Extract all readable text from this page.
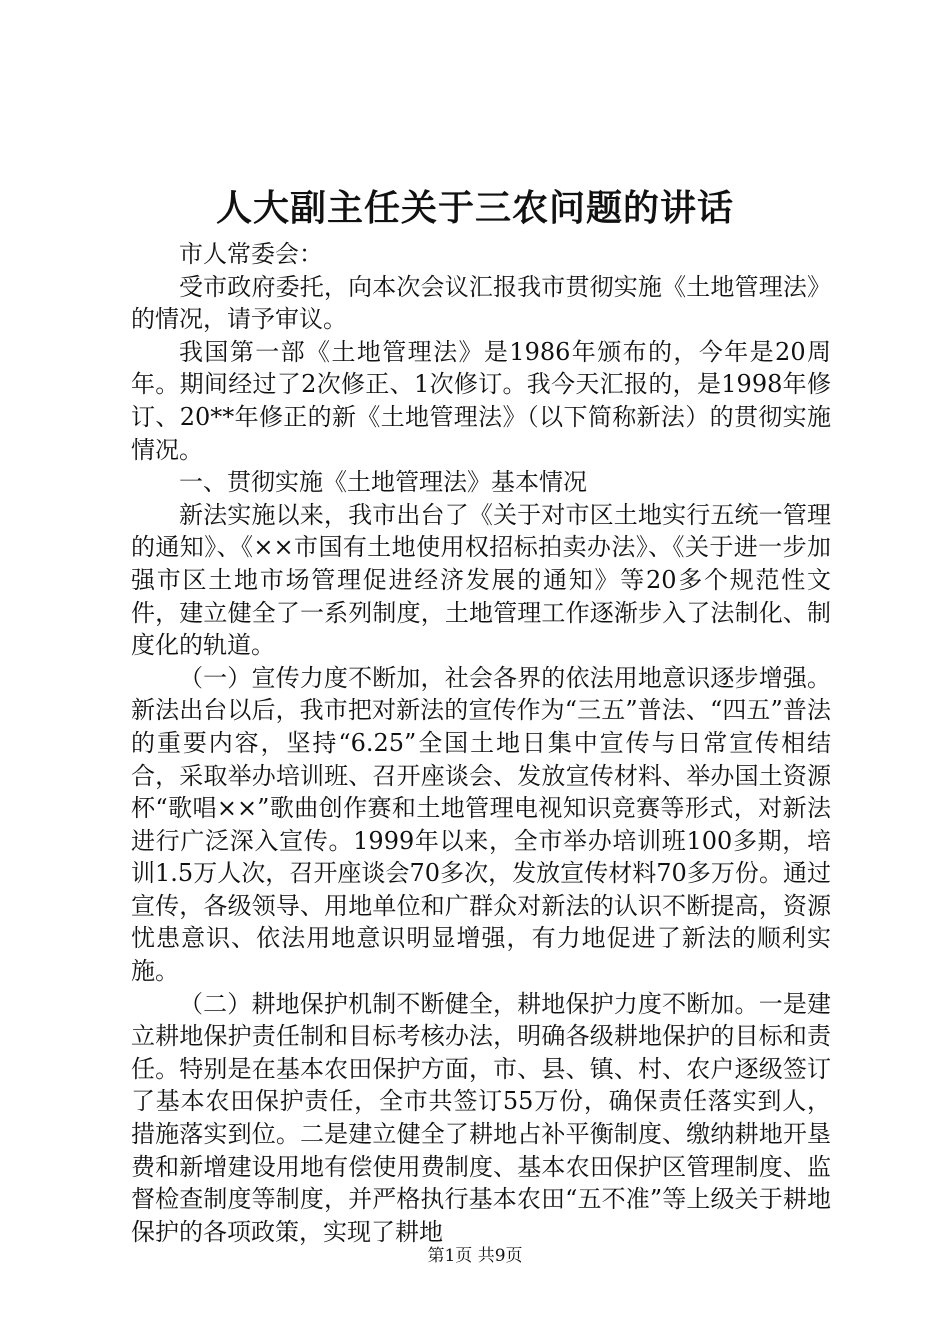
人大副主任关于三农问题的讲话

市人常委会：

受市政府委托，向本次会议汇报我市贯彻实施《土地管理法》的情况，请予审议。

我国第一部《土地管理法》是1986年颁布的，今年是20周年。期间经过了2次修正、1次修订。我今天汇报的，是1998年修订、20**年修正的新《土地管理法》（以下简称新法）的贯彻实施情况。

一、贯彻实施《土地管理法》基本情况

新法实施以来，我市出台了《关于对市区土地实行五统一管理的通知》、《××市国有土地使用权招标拍卖办法》、《关于进一步加强市区土地市场管理促进经济发展的通知》等20多个规范性文件，建立健全了一系列制度，土地管理工作逐渐步入了法制化、制度化的轨道。

（一）宣传力度不断加，社会各界的依法用地意识逐步增强。新法出台以后，我市把对新法的宣传作为“三五”普法、“四五”普法的重要内容，坚持“6.25”全国土地日集中宣传与日常宣传相结合，采取举办培训班、召开座谈会、发放宣传材料、举办国土资源杯“歌唱××”歌曲创作赛和土地管理电视知识竞赛等形式，对新法进行广泛深入宣传。1999年以来，全市举办培训班100多期，培训1.5万人次，召开座谈会70多次，发放宣传材料70多万份。通过宣传，各级领导、用地单位和广群众对新法的认识不断提高，资源忧患意识、依法用地意识明显增强，有力地促进了新法的顺利实施。

（二）耕地保护机制不断健全，耕地保护力度不断加。一是建立耕地保护责任制和目标考核办法，明确各级耕地保护的目标和责任。特别是在基本农田保护方面，市、县、镇、村、农户逐级签订了基本农田保护责任，全市共签订55万份，确保责任落实到人，措施落实到位。二是建立健全了耕地占补平衡制度、缴纳耕地开垦费和新增建设用地有偿使用费制度、基本农田保护区管理制度、监督检查制度等制度，并严格执行基本农田“五不准”等上级关于耕地保护的各项政策，实现了耕地

第1页 共9页
